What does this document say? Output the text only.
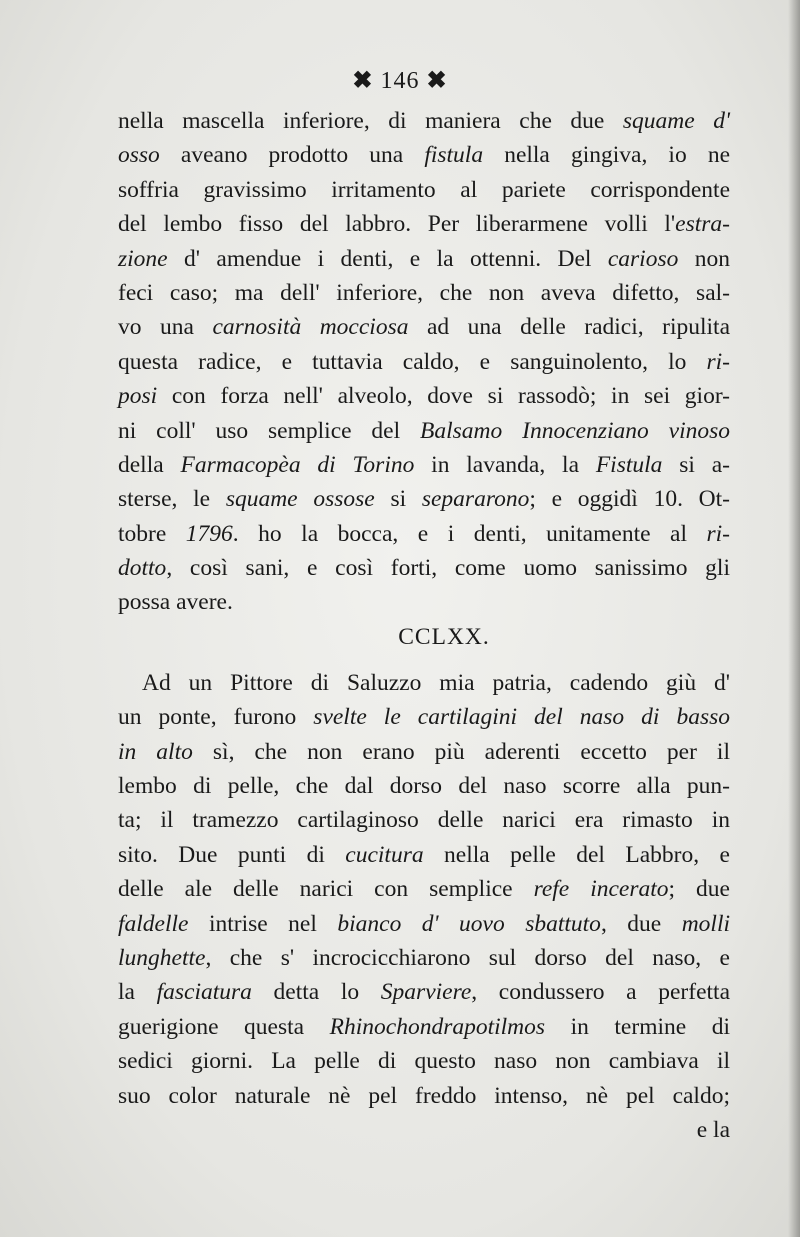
✖ 146 ✖
nella mascella inferiore, di maniera che due squame d'
osso aveano prodotto una fistula nella gingiva, io ne
soffria gravissimo irritamento al pariete corrispondente
del lembo fisso del labbro. Per liberarmene volli l'estra-
zione d' amendue i denti, e la ottenni. Del carioso non
feci caso; ma dell' inferiore, che non aveva difetto, sal-
vo una carnosità mocciosa ad una delle radici, ripulita
questa radice, e tuttavia caldo, e sanguinolento, lo ri-
posi con forza nell' alveolo, dove si rassodò; in sei gior-
ni coll' uso semplice del Balsamo Innocenziano vinoso
della Farmacopèa di Torino in lavanda, la Fistula si a-
sterse, le squame ossose si separarono; e oggidì 10. Ot-
tobre 1796. ho la bocca, e i denti, unitamente al ri-
dotto, così sani, e così forti, come uomo sanissimo gli
possa avere.
CCLXX.
Ad un Pittore di Saluzzo mia patria, cadendo giù d'
un ponte, furono svelte le cartilagini del naso di basso
in alto sì, che non erano più aderenti eccetto per il
lembo di pelle, che dal dorso del naso scorre alla pun-
ta; il tramezzo cartilaginoso delle narici era rimasto in
sito. Due punti di cucitura nella pelle del Labbro, e
delle ale delle narici con semplice refe incerato; due
faldelle intrise nel bianco d' uovo sbattuto, due molli
lunghette, che s' incrocicchiarono sul dorso del naso, e
la fasciatura detta lo Sparviere, condussero a perfetta
guerigione questa Rhinochondrapotilmos in termine di
sedici giorni. La pelle di questo naso non cambiava il
suo color naturale nè pel freddo intenso, nè pel caldo;
e la
